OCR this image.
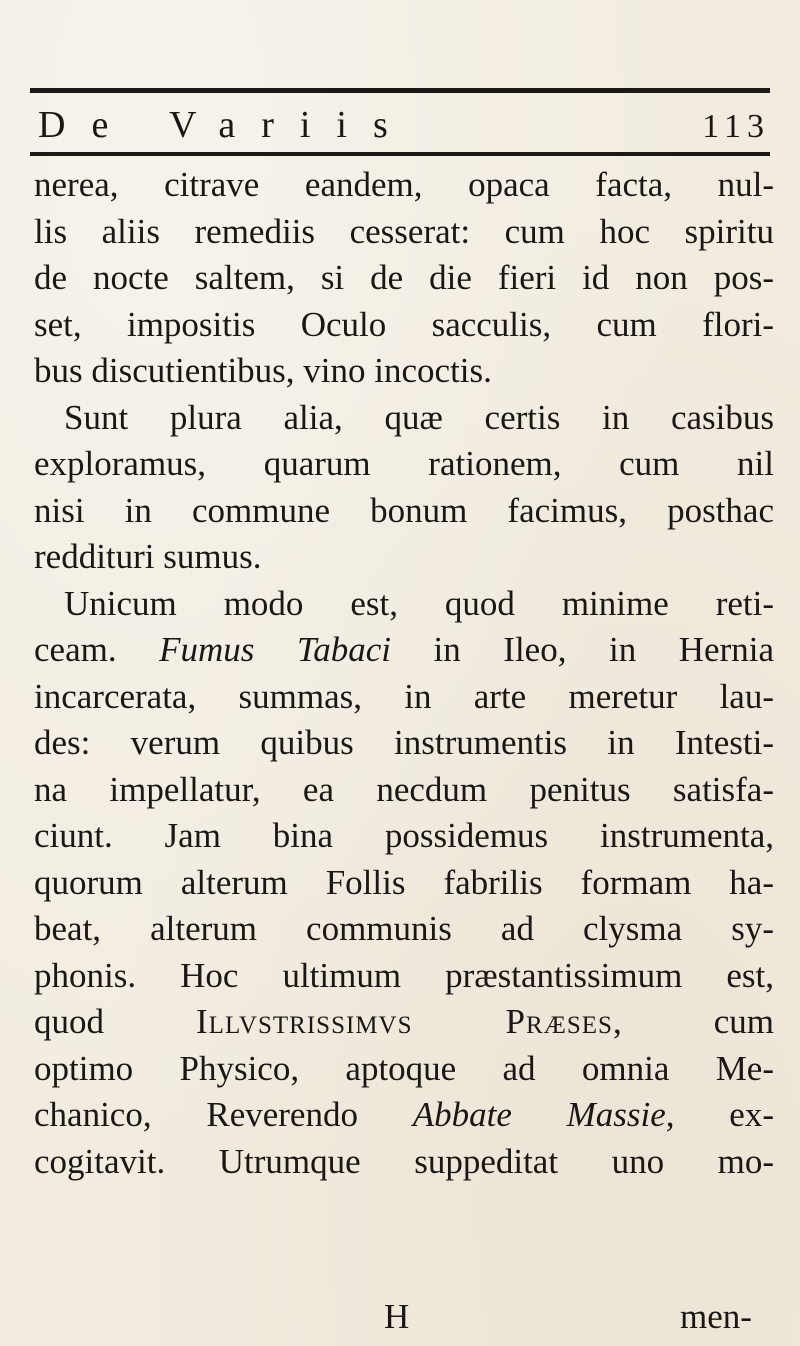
De Variis	113
nerea, citrave eandem, opaca facta, nul-
lis aliis remediis cesserat: cum hoc spiritu
de nocte saltem, si de die fieri id non pos-
set, impositis Oculo sacculis, cum flori-
bus discutientibus, vino incoctis.
Sunt plura alia, quæ certis in casibus
exploramus, quarum rationem, cum nil
nisi in commune bonum facimus, posthac
reddituri sumus.
Unicum modo est, quod minime reti-
ceam. Fumus Tabaci in Ileo, in Hernia
incarcerata, summas, in arte meretur lau-
des: verum quibus instrumentis in Intesti-
na impellatur, ea necdum penitus satisfa-
ciunt. Jam bina possidemus instrumenta,
quorum alterum Follis fabrilis formam ha-
beat, alterum communis ad clysma sy-
phonis. Hoc ultimum præstantissimum est,
quod	Illvstrissimvs Præses, cum
optimo Physico, aptoque ad omnia Me-
chanico, Reverendo Abbate Massie, ex-
cogitavit. Utrumque suppeditat uno mo-
H	men-
